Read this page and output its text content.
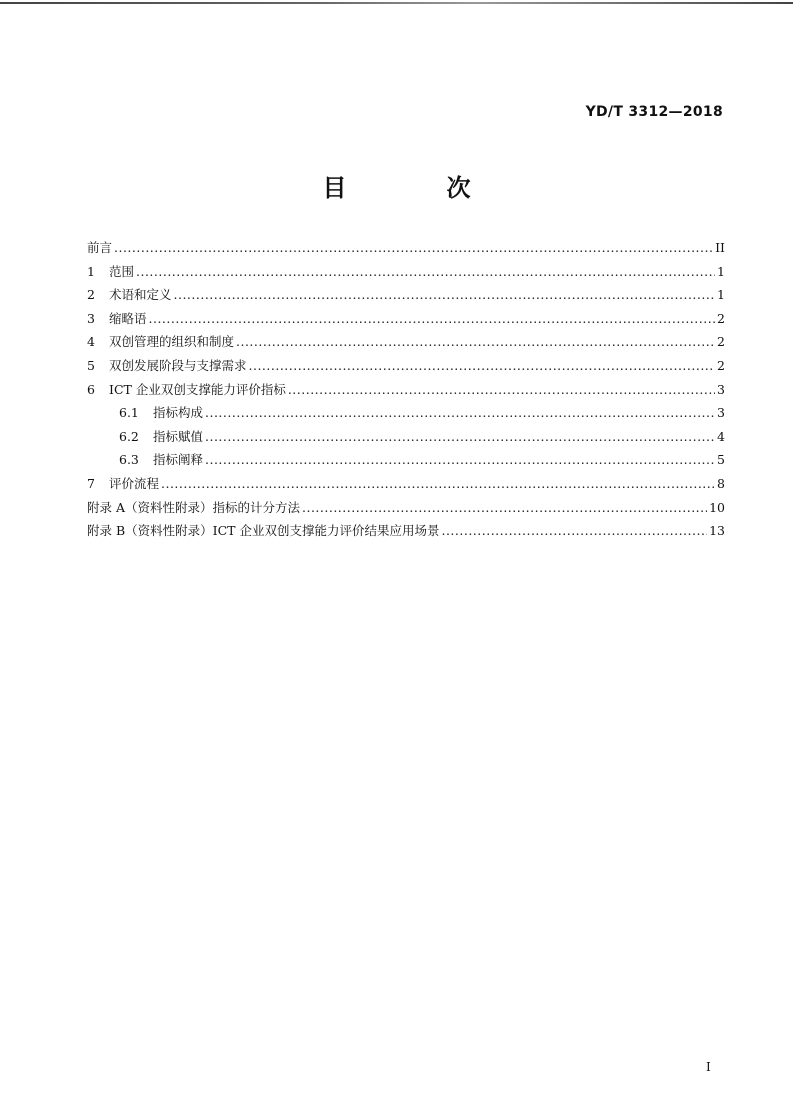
YD/T 3312—2018
目　次
前言 .....	II
1	范围 .....	1
2	术语和定义 .....	1
3	缩略语 .....	2
4	双创管理的组织和制度 .....	2
5	双创发展阶段与支撑需求 .....	2
6	ICT 企业双创支撑能力评价指标 .....	3
6.1	指标构成 .....	3
6.2	指标赋值 .....	4
6.3	指标阐释 .....	5
7	评价流程 .....	8
附录 A（资料性附录）指标的计分方法 .....	10
附录 B（资料性附录）ICT 企业双创支撑能力评价结果应用场景 .....	13
I
